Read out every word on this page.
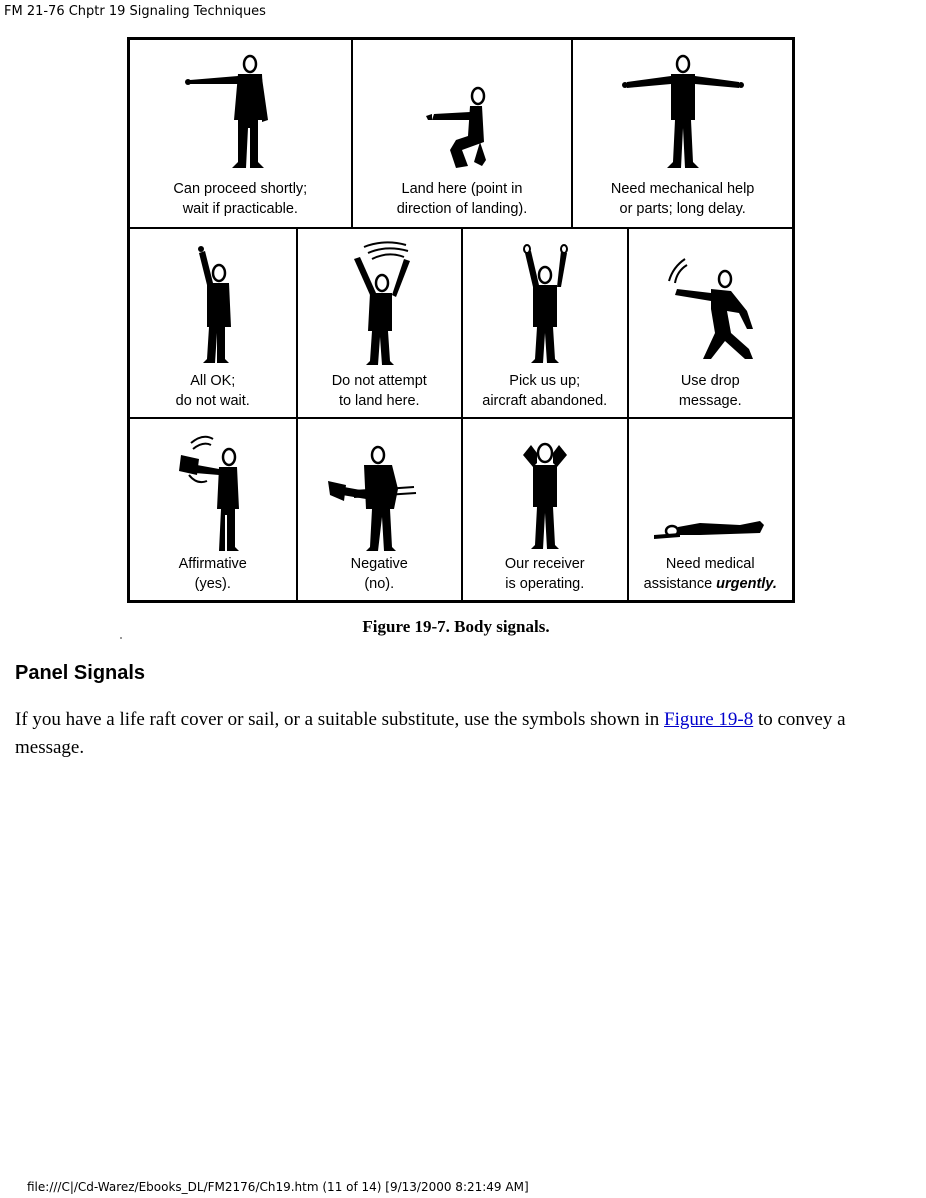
FM 21-76 Chptr 19 Signaling Techniques
Can proceed shortly;
wait if practicable.
Land here (point in
direction of landing).
Need mechanical help
or parts; long delay.
All OK;
do not wait.
Do not attempt
to land here.
Pick us up;
aircraft abandoned.
Use drop
message.
Affirmative
(yes).
Negative
(no).
Our receiver
is operating.
Need medical
assistance urgently.
Figure 19-7. Body signals.
Panel Signals

If you have a life raft cover or sail, or a suitable substitute, use the symbols shown in Figure 19-8 to convey a message.

file:///C|/Cd-Warez/Ebooks_DL/FM2176/Ch19.htm (11 of 14) [9/13/2000 8:21:49 AM]
